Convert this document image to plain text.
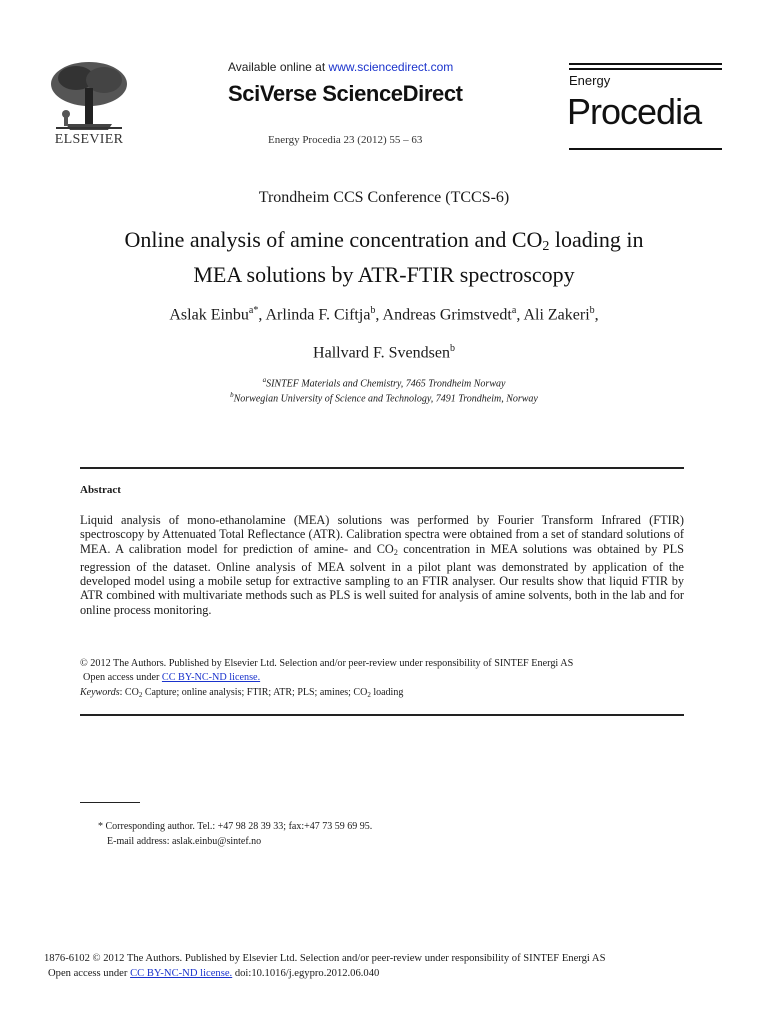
ELSEVIER
Available online at www.sciencedirect.com
SciVerse ScienceDirect
Energy Procedia 23 (2012) 55 – 63
Energy
Procedia
Trondheim CCS Conference (TCCS-6)
Online analysis of amine concentration and $CO_2$ loading in
MEA solutions by ATR-FTIR spectroscopy
Aslak Einbu$^{a*}$, Arlinda F. Ciftja$^b$, Andreas Grimstvedt$^a$, Ali Zakeri$^b$,
Hallvard F. Svendsen$^b$
$^a$SINTEF Materials and Chemistry, 7465 Trondheim Norway
$^b$Norwegian University of Science and Technology, 7491 Trondheim, Norway
Abstract
Liquid analysis of mono-ethanolamine (MEA) solutions was performed by Fourier Transform Infrared (FTIR) spectroscopy by Attenuated Total Reflectance (ATR). Calibration spectra were obtained from a set of standard solutions of MEA. A calibration model for prediction of amine- and $CO_2$ concentration in MEA solutions was obtained by PLS regression of the dataset. Online analysis of MEA solvent in a pilot plant was demonstrated by application of the developed model using a mobile setup for extractive sampling to an FTIR analyser. Our results show that liquid FTIR by ATR combined with multivariate methods such as PLS is well suited for analysis of amine solvents, both in the lab and for online process monitoring.
© 2012 The Authors. Published by Elsevier Ltd. Selection and/or peer-review under responsibility of SINTEF Energi AS
Open access under CC BY-NC-ND license.
Keywords: $CO_2$ Capture; online analysis; FTIR; ATR; PLS; amines; $CO_2$ loading
* Corresponding author. Tel.: +47 98 28 39 33; fax:+47 73 59 69 95.
E-mail address: aslak.einbu@sintef.no
1876-6102 © 2012 The Authors. Published by Elsevier Ltd. Selection and/or peer-review under responsibility of SINTEF Energi AS
Open access under CC BY-NC-ND license. doi:10.1016/j.egypro.2012.06.040
